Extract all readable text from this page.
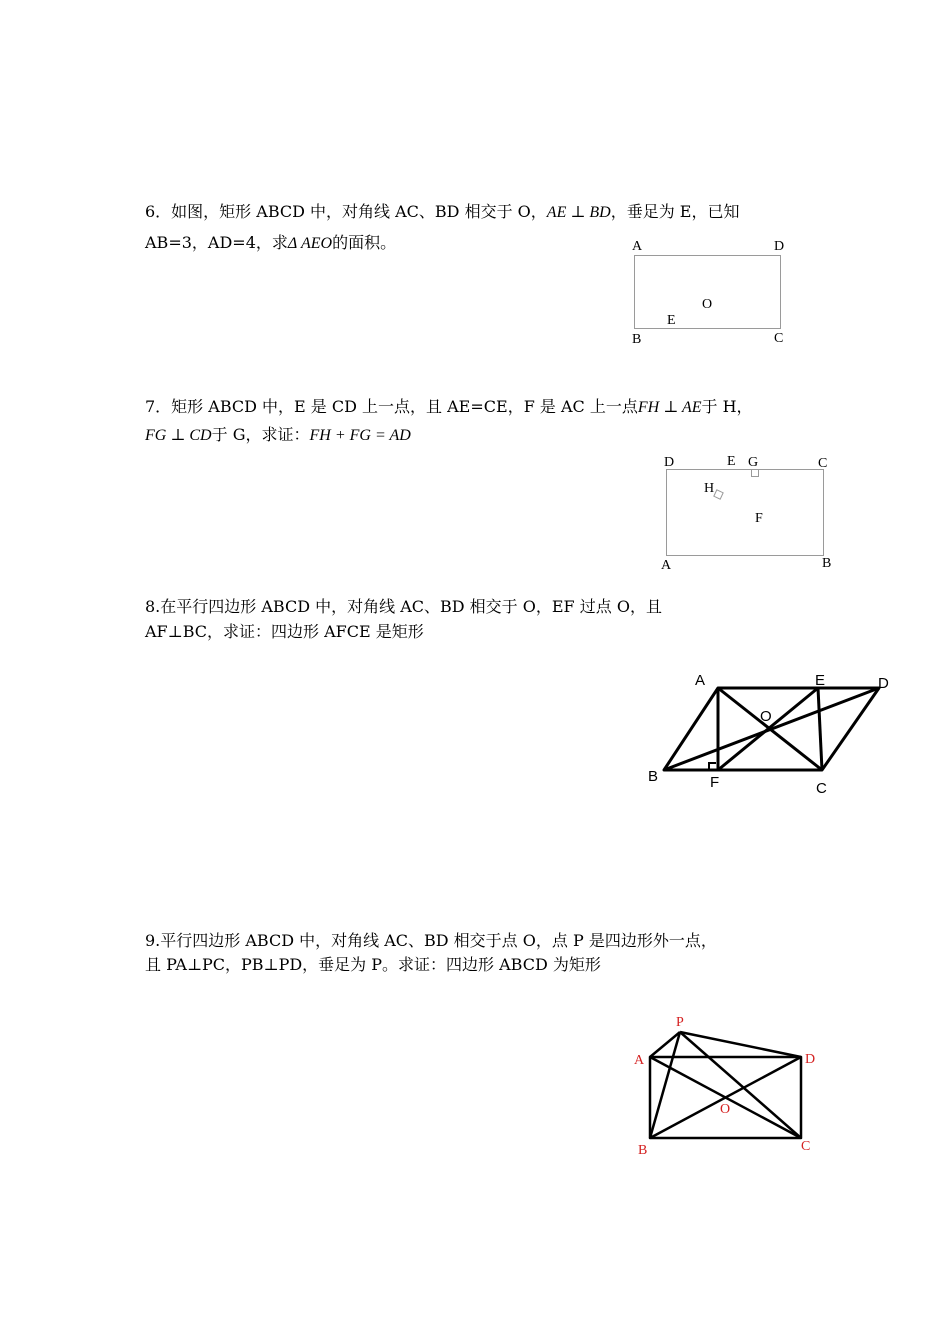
6．如图，矩形 ABCD 中，对角线 AC、BD 相交于 O，AE ⊥ BD，垂足为 E，已知
AB=3，AD=4，求Δ AEO的面积。	A	D
B	C
O
E
7．矩形 ABCD 中，E 是 CD 上一点，且 AE=CE，F 是 AC 上一点FH ⊥ AE于 H，
FG ⊥ CD于 G，求证：FH + FG = AD
D	E G	C
H
F
A	B
8.在平行四边形 ABCD 中，对角线 AC、BD 相交于 O，EF 过点 O，且
AF⊥BC，求证：四边形 AFCE 是矩形
A	E	D
O
B	F	C
9.平行四边形 ABCD 中，对角线 AC、BD 相交于点 O，点 P 是四边形外一点，
且 PA⊥PC，PB⊥PD，垂足为 P。求证：四边形 ABCD 为矩形
P
A	D
O
B	C
